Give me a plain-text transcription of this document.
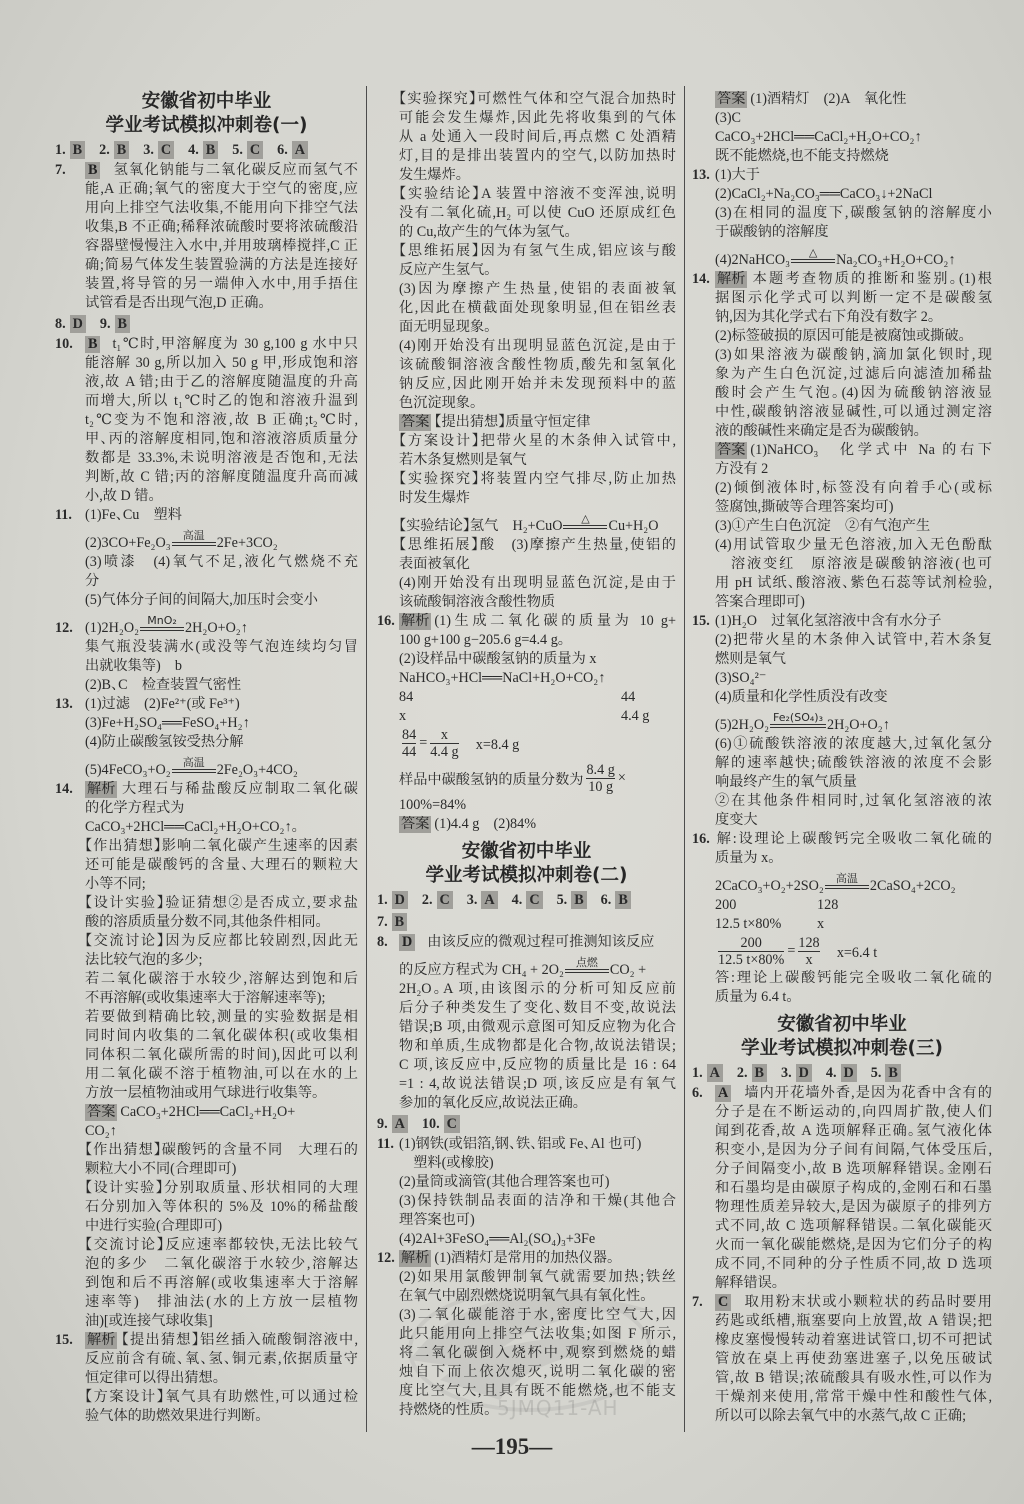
安徽省初中毕业
学业考试模拟冲刺卷(一)
1. B 2. B 3. C 4. B 5. C 6. A
7. B 氢氧化钠能与二氧化碳反应而氢气不
能,A 正确;氧气的密度大于空气的密度,应
用向上排空气法收集,不能用向下排空气法
收集,B 不正确;稀释浓硫酸时要将浓硫酸沿
容器壁慢慢注入水中,并用玻璃棒搅拌,C 正
确;简易气体发生装置验满的方法是连接好
装置,将导管的另一端伸入水中,用手捂住
试管看是否出现气泡,D 正确。
8. D 9. B
10. B t₁℃时,甲溶解度为 30 g,100 g 水中只
能溶解 30 g,所以加入 50 g 甲,形成饱和溶
液,故 A 错;由于乙的溶解度随温度的升高
而增大,所以 t₁℃时乙的饱和溶液升温到
t₂℃变为不饱和溶液,故 B 正确;t₂℃时,
甲、丙的溶解度相同,饱和溶液溶质质量分
数都是 33.3%,未说明溶液是否饱和,无法
判断,故 C 错;丙的溶解度随温度升高而减
小,故 D 错。
11. (1)Fe、Cu　塑料
(2)3CO+Fe₂O₃	高温 2Fe+3CO₂
(3)喷漆　(4)氧气不足,液化气燃烧不充
分
(5)气体分子间的间隔大,加压时会变小
12. (1)2H₂O₂ MnO₂ 2H₂O+O₂↑
集气瓶没装满水(或没等气泡连续均匀冒
出就收集等)　b
(2)B、C　检查装置气密性
13. (1)过滤　(2)Fe²⁺(或 Fe³⁺)
(3)Fe+H₂SO₄══FeSO₄+H₂↑
(4)防止碳酸氢铵受热分解
(5)4FeCO₃+O₂	高温 2Fe₂O₃+4CO₂
14. 解析 大理石与稀盐酸反应制取二氧化碳
的化学方程式为
CaCO₃+2HCl══CaCl₂+H₂O+CO₂↑。
【作出猜想】影响二氧化碳产生速率的因素
还可能是碳酸钙的含量、大理石的颗粒大
小等不同;
【设计实验】验证猜想②是否成立,要求盐
酸的溶质质量分数不同,其他条件相同。
【交流讨论】因为反应都比较剧烈,因此无
法比较气泡的多少;
若二氧化碳溶于水较少,溶解达到饱和后
不再溶解(或收集速率大于溶解速率等);
若要做到精确比较,测量的实验数据是相
同时间内收集的二氧化碳体积(或收集相
同体积二氧化碳所需的时间),因此可以利
用二氧化碳不溶于植物油,可以在水的上
方放一层植物油或用气球进行收集等。
答案 CaCO₃+2HCl══CaCl₂+H₂O+
CO₂↑
【作出猜想】碳酸钙的含量不同　大理石的
颗粒大小不同(合理即可)
【设计实验】分别取质量、形状相同的大理
石分别加入等体积的 5%及 10%的稀盐酸
中进行实验(合理即可)
【交流讨论】反应速率都较快,无法比较气
泡的多少　二氧化碳溶于水较少,溶解达
到饱和后不再溶解(或收集速率大于溶解
速率等)　排油法(水的上方放一层植物
油)[或连接气球收集]
15. 解析 【提出猜想】铝丝插入硫酸铜溶液中,
反应前含有硫、氧、氢、铜元素,依据质量守
恒定律可以得出猜想。
【方案设计】氧气具有助燃性,可以通过检
验气体的助燃效果进行判断。
【实验探究】可燃性气体和空气混合加热时
可能会发生爆炸,因此先将收集到的气体
从 a 处通入一段时间后,再点燃 C 处酒精
灯,目的是排出装置内的空气,以防加热时
发生爆炸。
【实验结论】A 装置中溶液不变浑浊,说明
没有二氧化硫,H₂ 可以使 CuO 还原成红色
的 Cu,故产生的气体为氢气。
【思维拓展】因为有氢气生成,铝应该与酸
反应产生氢气。
(3)因为摩擦产生热量,使铝的表面被氧
化,因此在横截面处现象明显,但在铝丝表
面无明显现象。
(4)刚开始没有出现明显蓝色沉淀,是由于
该硫酸铜溶液含酸性物质,酸先和氢氧化
钠反应,因此刚开始并未发现预料中的蓝
色沉淀现象。
答案 【提出猜想】质量守恒定律
【方案设计】把带火星的木条伸入试管中,
若木条复燃则是氧气
【实验探究】将装置内空气排尽,防止加热
时发生爆炸
【实验结论】氢气　H₂+CuO	△	Cu+H₂O
【思维拓展】酸　(3)摩擦产生热量,使铝的
表面被氧化
(4)刚开始没有出现明显蓝色沉淀,是由于
该硫酸铜溶液含酸性物质
16. 解析 (1)生成二氧化碳的质量为 10 g+
100 g+100 g−205.6 g=4.4 g。
(2)设样品中碳酸氢钠的质量为 x
NaHCO₃+HCl══NaCl+H₂O+CO₂↑
84	44
x	4.4 g
$\frac{84}{44} = \frac{x}{4.4 g}$ 　x=8.4 g
样品中碳酸氢钠的质量分数为 $\frac{8.4 g}{10 g}$ ×
100%=84%
答案 (1)4.4 g　(2)84%
安徽省初中毕业
学业考试模拟冲刺卷(二)
1. D 2. C 3. A 4. C 5. B 6. B
7. B
8. D 由该反应的微观过程可推测知该反应
的反应方程式为 CH₄ + 2O₂	点燃 CO₂ +
2H₂O。A 项,由该图示的分析可知反应前
后分子种类发生了变化、数目不变,故说法
错误;B 项,由微观示意图可知反应物为化合
物和单质,生成物都是化合物,故说法错误;
C 项,该反应中,反应物的质量比是 16 : 64
=1 : 4,故说法错误;D 项,该反应是有氧气
参加的氧化反应,故说法正确。
9. A 10. C
11. (1)钢铁(或铝箔,钢、铁、铝或 Fe、Al 也可)
　塑料(或橡胶)
(2)量筒或滴管(其他合理答案也可)
(3)保持铁制品表面的洁净和干燥(其他合
理答案也可)
(4)2Al+3FeSO₄══Al₂(SO₄)₃+3Fe
12. 解析 (1)酒精灯是常用的加热仪器。
(2)如果用氯酸钾制氧气就需要加热;铁丝
在氧气中剧烈燃烧说明氧气具有氧化性。
(3)二氧化碳能溶于水,密度比空气大,因
此只能用向上排空气法收集;如图 F 所示,
将二氧化碳倒入烧杯中,观察到燃烧的蜡
烛自下而上依次熄灭,说明二氧化碳的密
度比空气大,且具有既不能燃烧,也不能支
持燃烧的性质。
答案 (1)酒精灯　(2)A　氧化性
(3)C
CaCO₃+2HCl══CaCl₂+H₂O+CO₂↑
既不能燃烧,也不能支持燃烧
13. (1)大于
(2)CaCl₂+Na₂CO₃══CaCO₃↓+2NaCl
(3)在相同的温度下,碳酸氢钠的溶解度小
于碳酸钠的溶解度
(4)2NaHCO₃	△	Na₂CO₃+H₂O+CO₂↑
14. 解析 本题考查物质的推断和鉴别。(1)根
据图示化学式可以判断一定不是碳酸氢
钠,因为其化学式右下角没有数字 2。
(2)标签破损的原因可能是被腐蚀或撕破。
(3)如果溶液为碳酸钠,滴加氯化钡时,现
象为产生白色沉淀,过滤后向滤渣加稀盐
酸时会产生气泡。(4)因为硫酸钠溶液显
中性,碳酸钠溶液显碱性,可以通过测定溶
液的酸碱性来确定是否为碳酸钠。
答案 (1)NaHCO₃　化学式中 Na 的右下
方没有 2
(2)倾倒液体时,标签没有向着手心(或标
签腐蚀,撕破等合理答案均可)
(3)①产生白色沉淀　②有气泡产生
(4)用试管取少量无色溶液,加入无色酚酞
　溶液变红　原溶液是碳酸钠溶液(也可
用 pH 试纸、酸溶液、紫色石蕊等试剂检验,
答案合理即可)
15. (1)H₂O　过氧化氢溶液中含有水分子
(2)把带火星的木条伸入试管中,若木条复
燃则是氧气
(3)SO₄²⁻
(4)质量和化学性质没有改变
(5)2H₂O₂ Fe₂(SO₄)₃ 2H₂O+O₂↑
(6)①硫酸铁溶液的浓度越大,过氧化氢分
解的速率越快;硫酸铁溶液的浓度不会影
响最终产生的氧气质量
②在其他条件相同时,过氧化氢溶液的浓
度变大
16. 解:设理论上碳酸钙完全吸收二氧化硫的
质量为 x。
2CaCO₃+O₂+2SO₂	高温 2CaSO₄+2CO₂
200	128
12.5 t×80%	x
$\frac{200}{12.5 t\times 80\%} = \frac{128}{x}$ 　x=6.4 t
答:理论上碳酸钙能完全吸收二氧化硫的
质量为 6.4 t。
安徽省初中毕业
学业考试模拟冲刺卷(三)
1. A 2. B 3. D 4. D 5. B
6. A 墙内开花墙外香,是因为花香中含有的
分子是在不断运动的,向四周扩散,使人们
闻到花香,故 A 选项解释正确。氢气液化体
积变小,是因为分子间有间隔,气体受压后,
分子间隔变小,故 B 选项解释错误。金刚石
和石墨均是由碳原子构成的,金刚石和石墨
物理性质差异较大,是因为碳原子的排列方
式不同,故 C 选项解释错误。二氧化碳能灭
火而一氧化碳能燃烧,是因为它们分子的构
成不同,不同种的分子性质不同,故 D 选项
解释错误。
7. C 取用粉末状或小颗粒状的药品时要用
药匙或纸槽,瓶塞要向上放置,故 A 错误;把
橡皮塞慢慢转动着塞进试管口,切不可把试
管放在桌上再使劲塞进塞子,以免压破试
管,故 B 错误;浓硫酸具有吸水性,可以作为
干燥剂来使用,常常干燥中性和酸性气体,
所以可以除去氧气中的水蒸气,故 C 正确;
5JMQ11-AH
—195—
